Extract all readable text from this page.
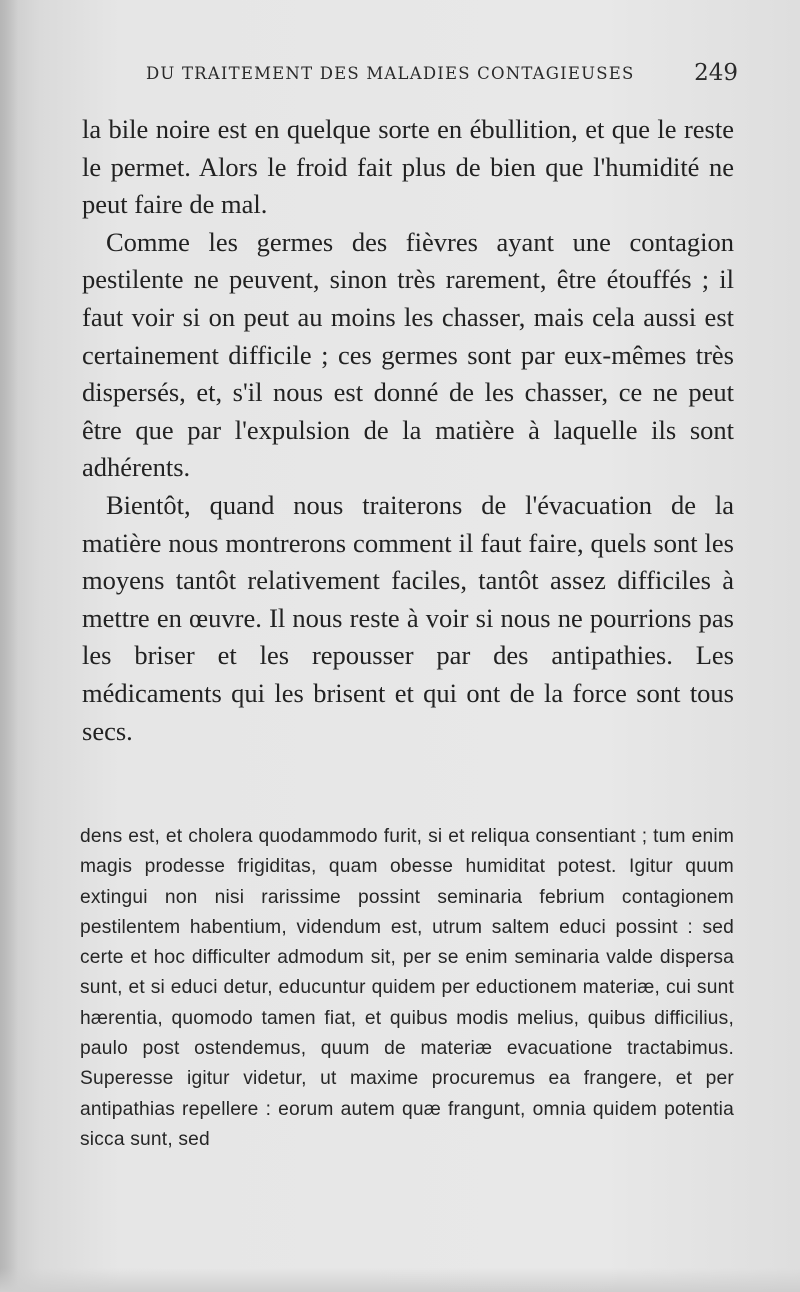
DU TRAITEMENT DES MALADIES CONTAGIEUSES	249

la bile noire est en quelque sorte en ébullition, et que le reste le permet. Alors le froid fait plus de bien que l'humidité ne peut faire de mal.

Comme les germes des fièvres ayant une contagion pestilente ne peuvent, sinon très rarement, être étouffés ; il faut voir si on peut au moins les chasser, mais cela aussi est certainement difficile ; ces germes sont par eux-mêmes très dispersés, et, s'il nous est donné de les chasser, ce ne peut être que par l'expulsion de la matière à laquelle ils sont adhérents.

Bientôt, quand nous traiterons de l'évacuation de la matière nous montrerons comment il faut faire, quels sont les moyens tantôt relativement faciles, tantôt assez difficiles à mettre en œuvre. Il nous reste à voir si nous ne pourrions pas les briser et les repousser par des antipathies. Les médicaments qui les brisent et qui ont de la force sont tous secs.

dens est, et cholera quodammodo furit, si et reliqua consentiant ; tum enim magis prodesse frigiditas, quam obesse humiditat potest. Igitur quum extingui non nisi rarissime possint seminaria febrium contagionem pestilentem habentium, videndum est, utrum saltem educi possint : sed certe et hoc difficulter admodum sit, per se enim seminaria valde dispersa sunt, et si educi detur, educuntur quidem per eductionem materiæ, cui sunt hærentia, quomodo tamen fiat, et quibus modis melius, quibus difficilius, paulo post ostendemus, quum de materiæ evacuatione tractabimus. Superesse igitur videtur, ut maxime procuremus ea frangere, et per antipathias repellere : eorum autem quæ frangunt, omnia quidem potentia sicca sunt, sed
